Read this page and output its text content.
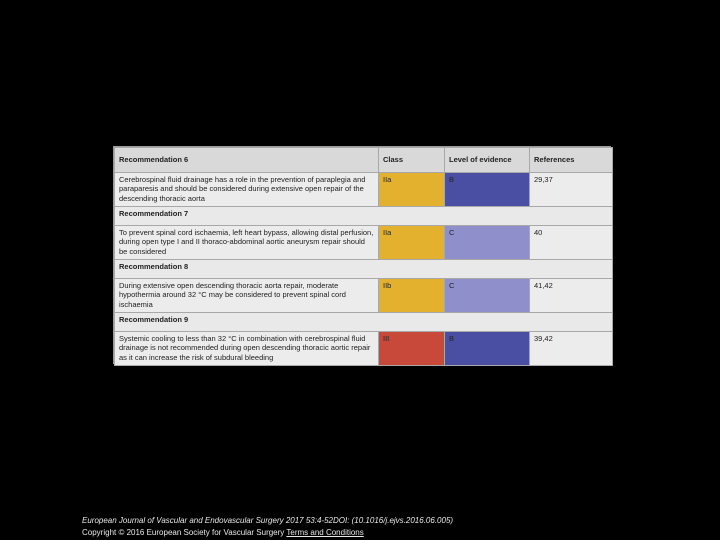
Recommendation 6	Class	Level of evidence	References
Cerebrospinal fluid drainage has a role in the prevention of paraplegia and paraparesis and should be considered during extensive open repair of the descending thoracic aorta	IIa	B	29,37
Recommendation 7			
To prevent spinal cord ischaemia, left heart bypass, allowing distal perfusion, during open type I and II thoraco-abdominal aortic aneurysm repair should be considered	IIa	C	40
Recommendation 8			
During extensive open descending thoracic aorta repair, moderate hypothermia around 32 °C may be considered to prevent spinal cord ischaemia	IIb	C	41,42
Recommendation 9			
Systemic cooling to less than 32 °C in combination with cerebrospinal fluid drainage is not recommended during open descending thoracic aortic repair as it can increase the risk of subdural bleeding	III	B	39,42
European Journal of Vascular and Endovascular Surgery 2017 53:4-52DOI: (10.1016/j.ejvs.2016.06.005)
Copyright © 2016 European Society for Vascular Surgery Terms and Conditions
